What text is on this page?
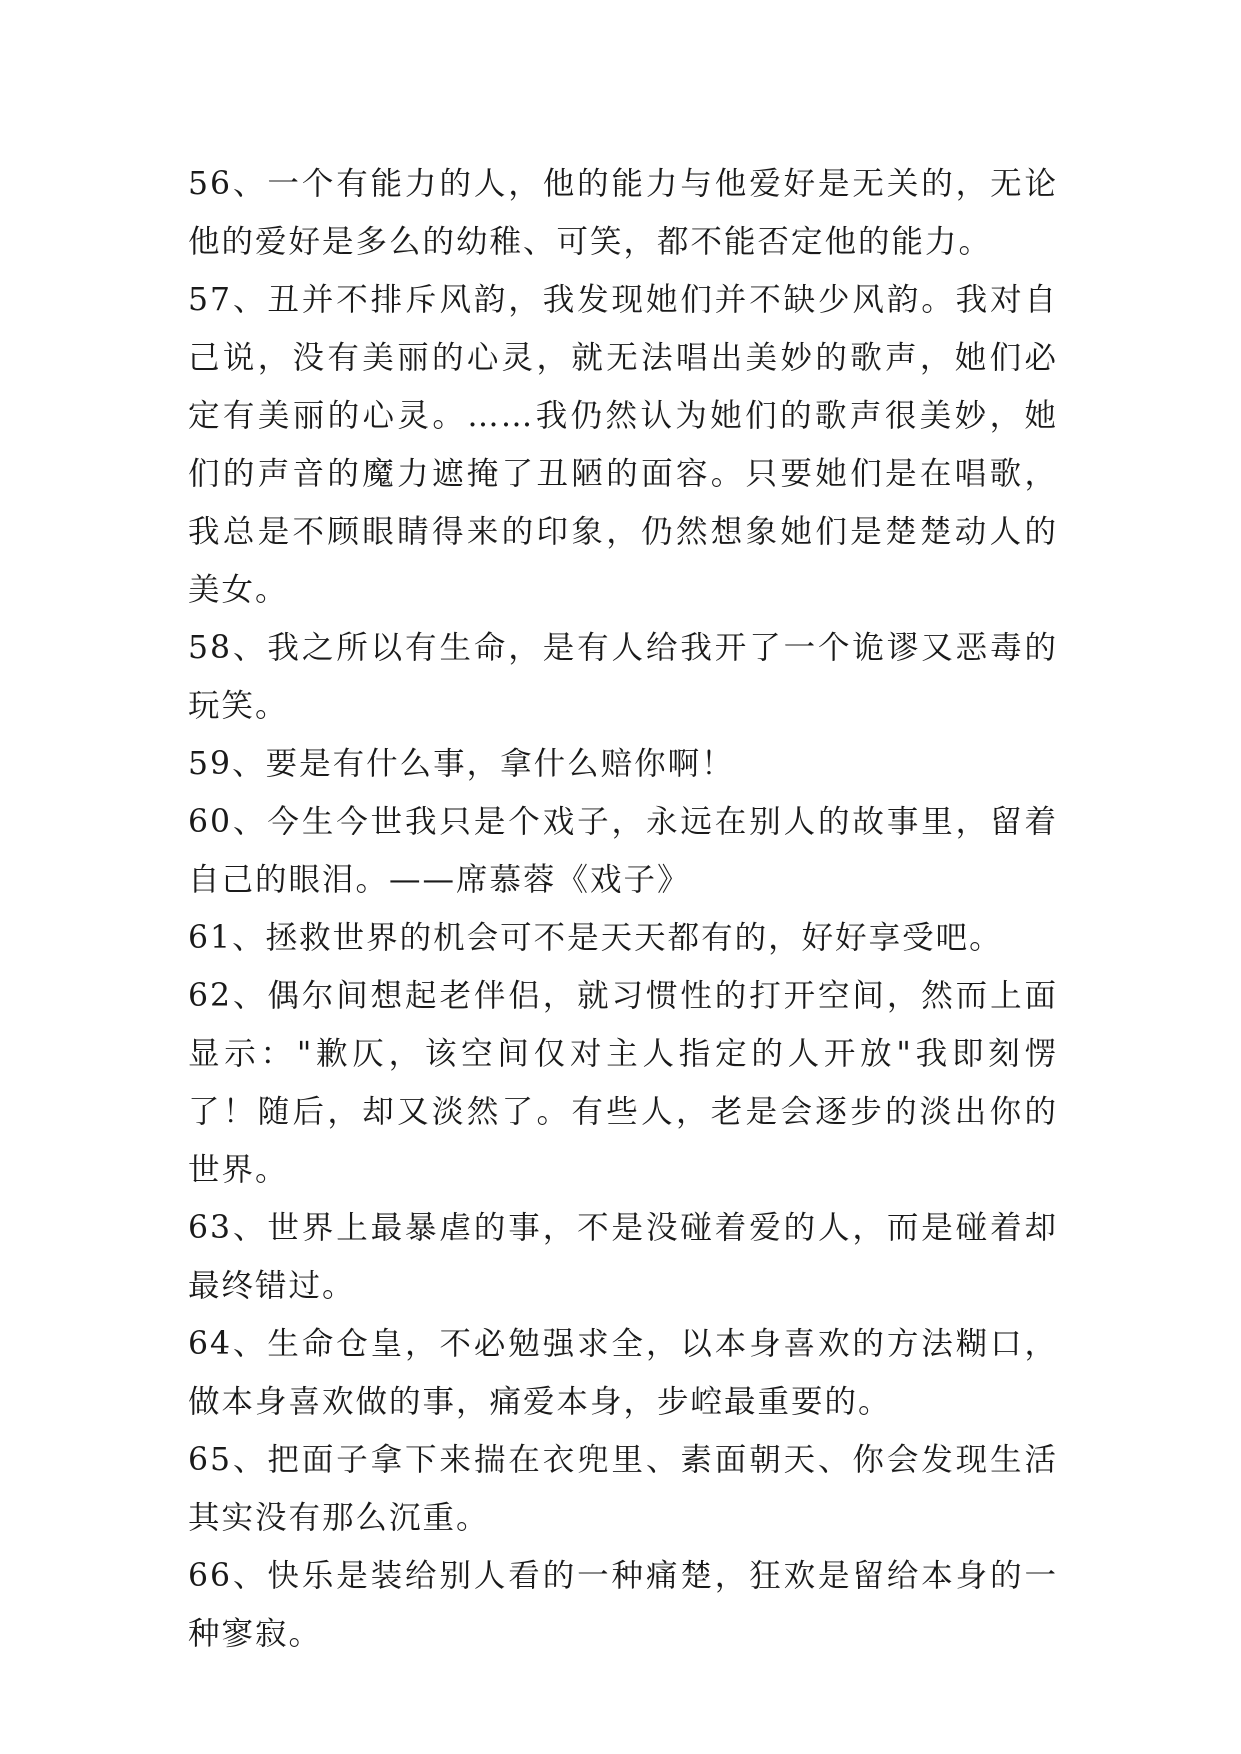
56、一个有能力的人，他的能力与他爱好是无关的，无论他的爱好是多么的幼稚、可笑，都不能否定他的能力。

57、丑并不排斥风韵，我发现她们并不缺少风韵。我对自己说，没有美丽的心灵，就无法唱出美妙的歌声，她们必定有美丽的心灵。……我仍然认为她们的歌声很美妙，她们的声音的魔力遮掩了丑陋的面容。只要她们是在唱歌，我总是不顾眼睛得来的印象，仍然想象她们是楚楚动人的美女。

58、我之所以有生命，是有人给我开了一个诡谬又恶毒的玩笑。

59、要是有什么事，拿什么赔你啊！

60、今生今世我只是个戏子，永远在别人的故事里，留着自己的眼泪。——席慕蓉《戏子》

61、拯救世界的机会可不是天天都有的，好好享受吧。

62、偶尔间想起老伴侣，就习惯性的打开空间，然而上面显示："歉仄，该空间仅对主人指定的人开放"我即刻愣了！随后，却又淡然了。有些人，老是会逐步的淡出你的世界。

63、世界上最暴虐的事，不是没碰着爱的人，而是碰着却最终错过。

64、生命仓皇，不必勉强求全，以本身喜欢的方法糊口，做本身喜欢做的事，痛爱本身，步崆最重要的。

65、把面子拿下来揣在衣兜里、素面朝天、你会发现生活其实没有那么沉重。

66、快乐是装给别人看的一种痛楚，狂欢是留给本身的一种寥寂。
